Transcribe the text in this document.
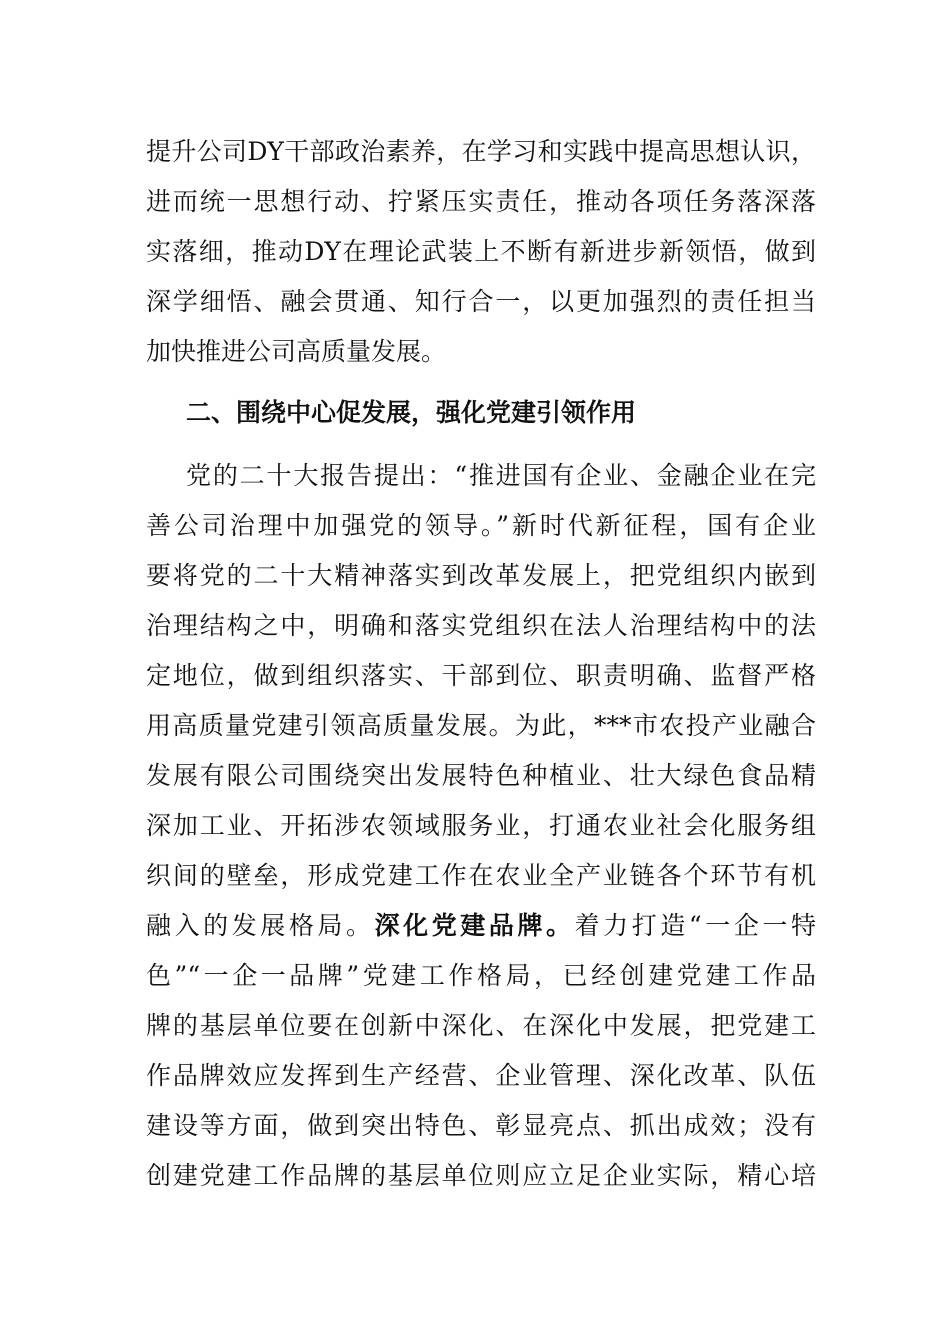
提升公司DY干部政治素养，在学习和实践中提高思想认识，
进而统一思想行动、拧紧压实责任，推动各项任务落深落
实落细，推动DY在理论武装上不断有新进步新领悟，做到
深学细悟、融会贯通、知行合一，以更加强烈的责任担当
加快推进公司高质量发展。
二、围绕中心促发展，强化党建引领作用
党的二十大报告提出：“推进国有企业、金融企业在完
善公司治理中加强党的领导。”新时代新征程，国有企业
要将党的二十大精神落实到改革发展上，把党组织内嵌到
治理结构之中，明确和落实党组织在法人治理结构中的法
定地位，做到组织落实、干部到位、职责明确、监督严格
用高质量党建引领高质量发展。为此，***市农投产业融合
发展有限公司围绕突出发展特色种植业、壮大绿色食品精
深加工业、开拓涉农领域服务业，打通农业社会化服务组
织间的壁垒，形成党建工作在农业全产业链各个环节有机
融入的发展格局。深化党建品牌。着力打造“一企一特
色”“一企一品牌”党建工作格局，已经创建党建工作品
牌的基层单位要在创新中深化、在深化中发展，把党建工
作品牌效应发挥到生产经营、企业管理、深化改革、队伍
建设等方面，做到突出特色、彰显亮点、抓出成效；没有
创建党建工作品牌的基层单位则应立足企业实际，精心培
